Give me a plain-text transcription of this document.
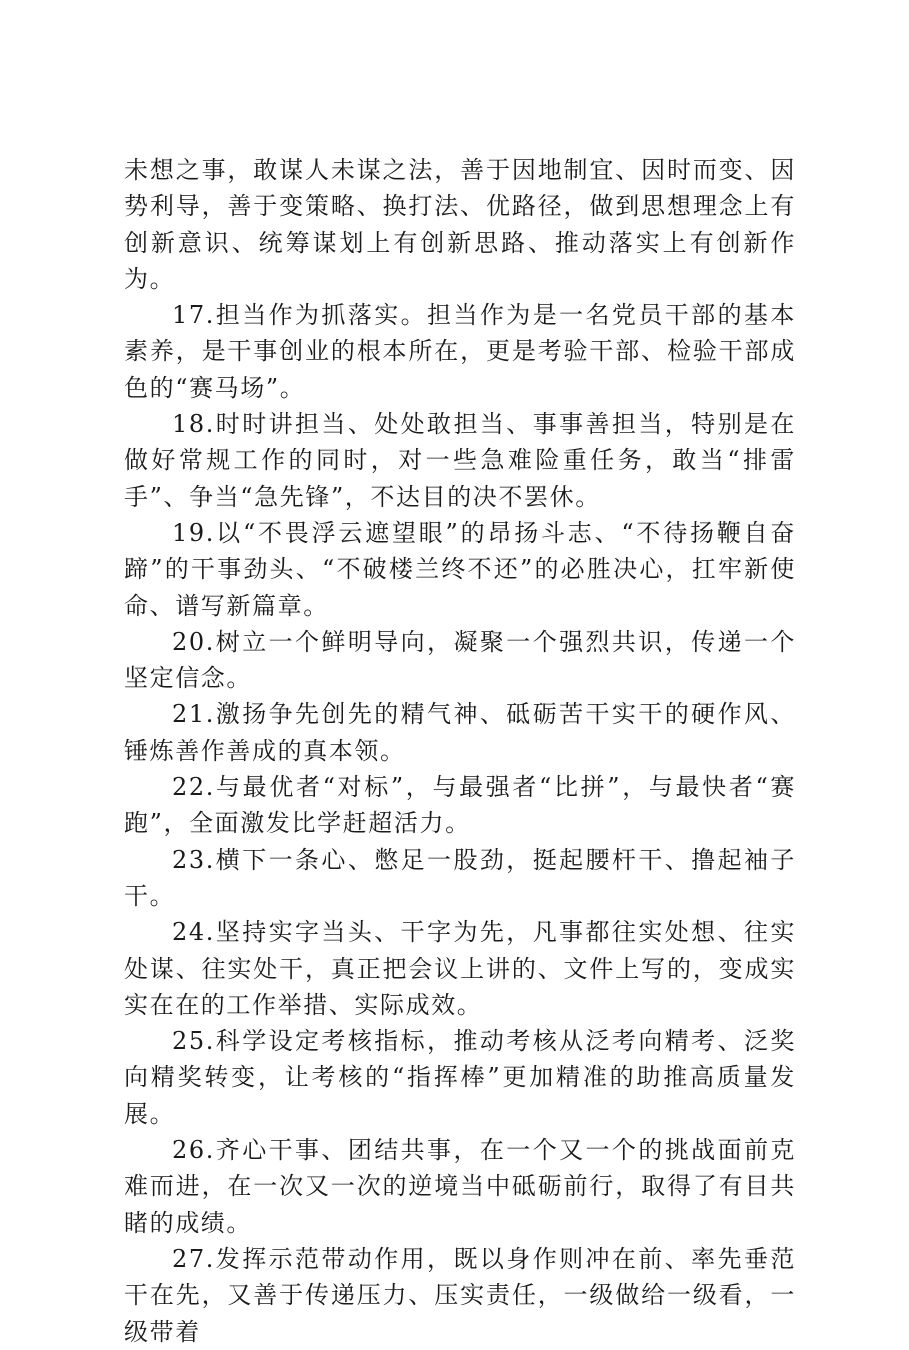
未想之事，敢谋人未谋之法，善于因地制宜、因时而变、因势利导，善于变策略、换打法、优路径，做到思想理念上有创新意识、统筹谋划上有创新思路、推动落实上有创新作为。

17.担当作为抓落实。担当作为是一名党员干部的基本素养，是干事创业的根本所在，更是考验干部、检验干部成色的“赛马场”。

18.时时讲担当、处处敢担当、事事善担当，特别是在做好常规工作的同时，对一些急难险重任务，敢当“排雷手”、争当“急先锋”，不达目的决不罢休。

19.以“不畏浮云遮望眼”的昂扬斗志、“不待扬鞭自奋蹄”的干事劲头、“不破楼兰终不还”的必胜决心，扛牢新使命、谱写新篇章。

20.树立一个鲜明导向，凝聚一个强烈共识，传递一个坚定信念。

21.激扬争先创先的精气神、砥砺苦干实干的硬作风、锤炼善作善成的真本领。

22.与最优者“对标”，与最强者“比拼”，与最快者“赛跑”，全面激发比学赶超活力。

23.横下一条心、憋足一股劲，挺起腰杆干、撸起袖子干。

24.坚持实字当头、干字为先，凡事都往实处想、往实处谋、往实处干，真正把会议上讲的、文件上写的，变成实实在在的工作举措、实际成效。

25.科学设定考核指标，推动考核从泛考向精考、泛奖向精奖转变，让考核的“指挥棒”更加精准的助推高质量发展。

26.齐心干事、团结共事，在一个又一个的挑战面前克难而进，在一次又一次的逆境当中砥砺前行，取得了有目共睹的成绩。

27.发挥示范带动作用，既以身作则冲在前、率先垂范干在先，又善于传递压力、压实责任，一级做给一级看，一级带着
